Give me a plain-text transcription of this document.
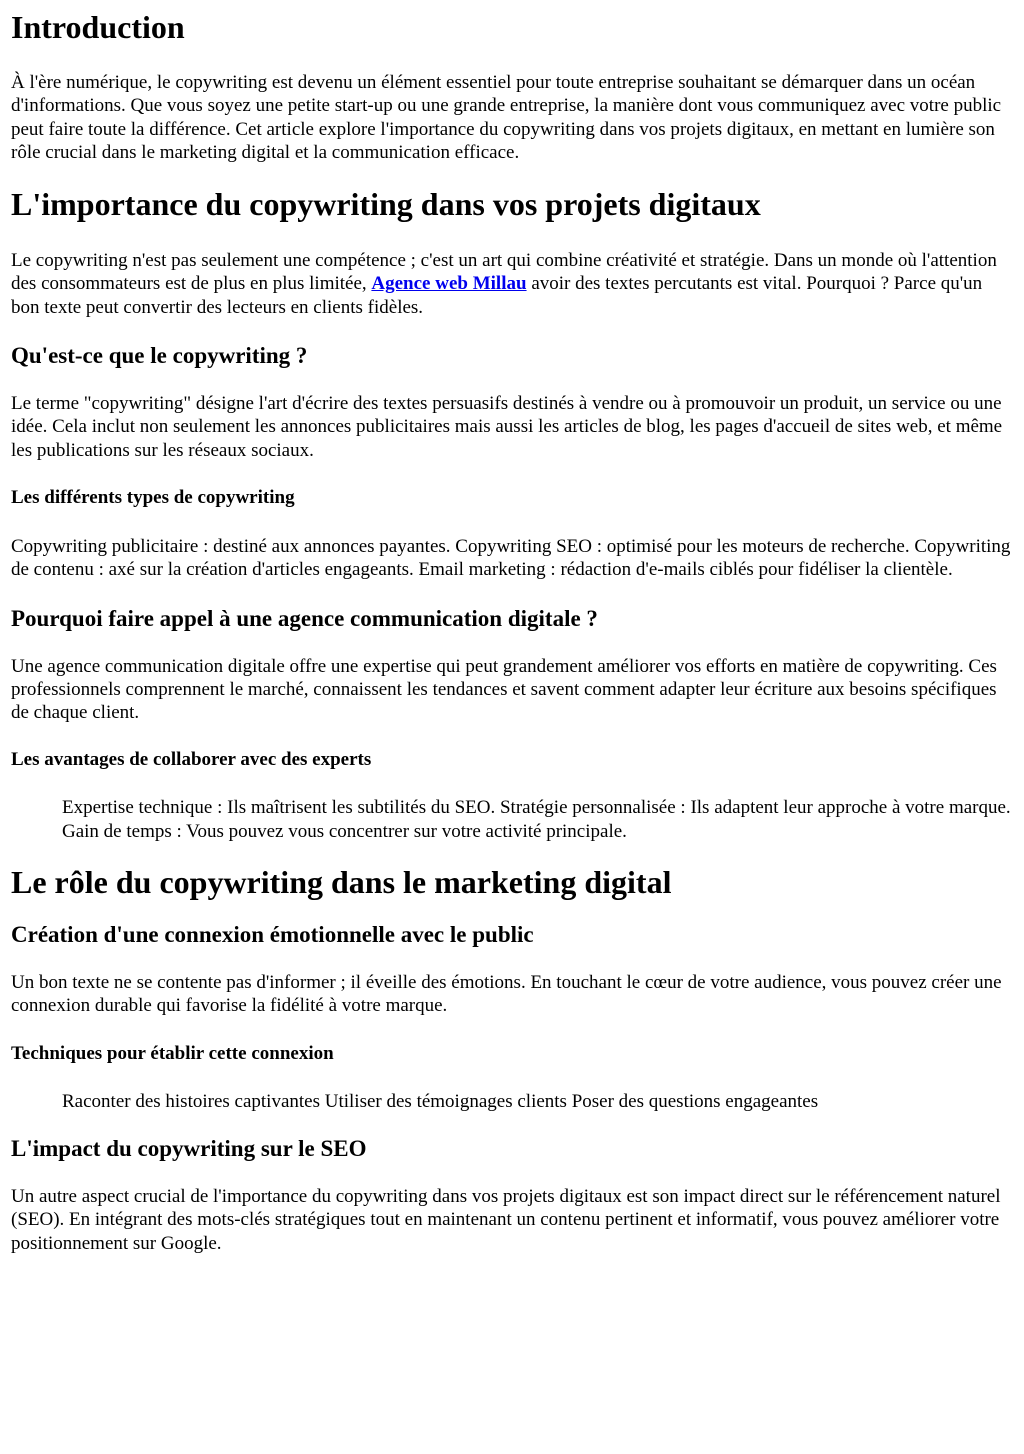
Introduction

À l'ère numérique, le copywriting est devenu un élément essentiel pour toute entreprise souhaitant se démarquer dans un océan d'informations. Que vous soyez une petite start-up ou une grande entreprise, la manière dont vous communiquez avec votre public peut faire toute la différence. Cet article explore l'importance du copywriting dans vos projets digitaux, en mettant en lumière son rôle crucial dans le marketing digital et la communication efficace.

L'importance du copywriting dans vos projets digitaux

Le copywriting n'est pas seulement une compétence ; c'est un art qui combine créativité et stratégie. Dans un monde où l'attention des consommateurs est de plus en plus limitée, Agence web Millau avoir des textes percutants est vital. Pourquoi ? Parce qu'un bon texte peut convertir des lecteurs en clients fidèles.

Qu'est-ce que le copywriting ?

Le terme "copywriting" désigne l'art d'écrire des textes persuasifs destinés à vendre ou à promouvoir un produit, un service ou une idée. Cela inclut non seulement les annonces publicitaires mais aussi les articles de blog, les pages d'accueil de sites web, et même les publications sur les réseaux sociaux.

Les différents types de copywriting

Copywriting publicitaire : destiné aux annonces payantes. Copywriting SEO : optimisé pour les moteurs de recherche. Copywriting de contenu : axé sur la création d'articles engageants. Email marketing : rédaction d'e-mails ciblés pour fidéliser la clientèle.

Pourquoi faire appel à une agence communication digitale ?

Une agence communication digitale offre une expertise qui peut grandement améliorer vos efforts en matière de copywriting. Ces professionnels comprennent le marché, connaissent les tendances et savent comment adapter leur écriture aux besoins spécifiques de chaque client.

Les avantages de collaborer avec des experts
Expertise technique : Ils maîtrisent les subtilités du SEO. Stratégie personnalisée : Ils adaptent leur approche à votre marque. Gain de temps : Vous pouvez vous concentrer sur votre activité principale.
Le rôle du copywriting dans le marketing digital
Création d'une connexion émotionnelle avec le public

Un bon texte ne se contente pas d'informer ; il éveille des émotions. En touchant le cœur de votre audience, vous pouvez créer une connexion durable qui favorise la fidélité à votre marque.

Techniques pour établir cette connexion
Raconter des histoires captivantes Utiliser des témoignages clients Poser des questions engageantes
L'impact du copywriting sur le SEO

Un autre aspect crucial de l'importance du copywriting dans vos projets digitaux est son impact direct sur le référencement naturel (SEO). En intégrant des mots-clés stratégiques tout en maintenant un contenu pertinent et informatif, vous pouvez améliorer votre positionnement sur Google.
